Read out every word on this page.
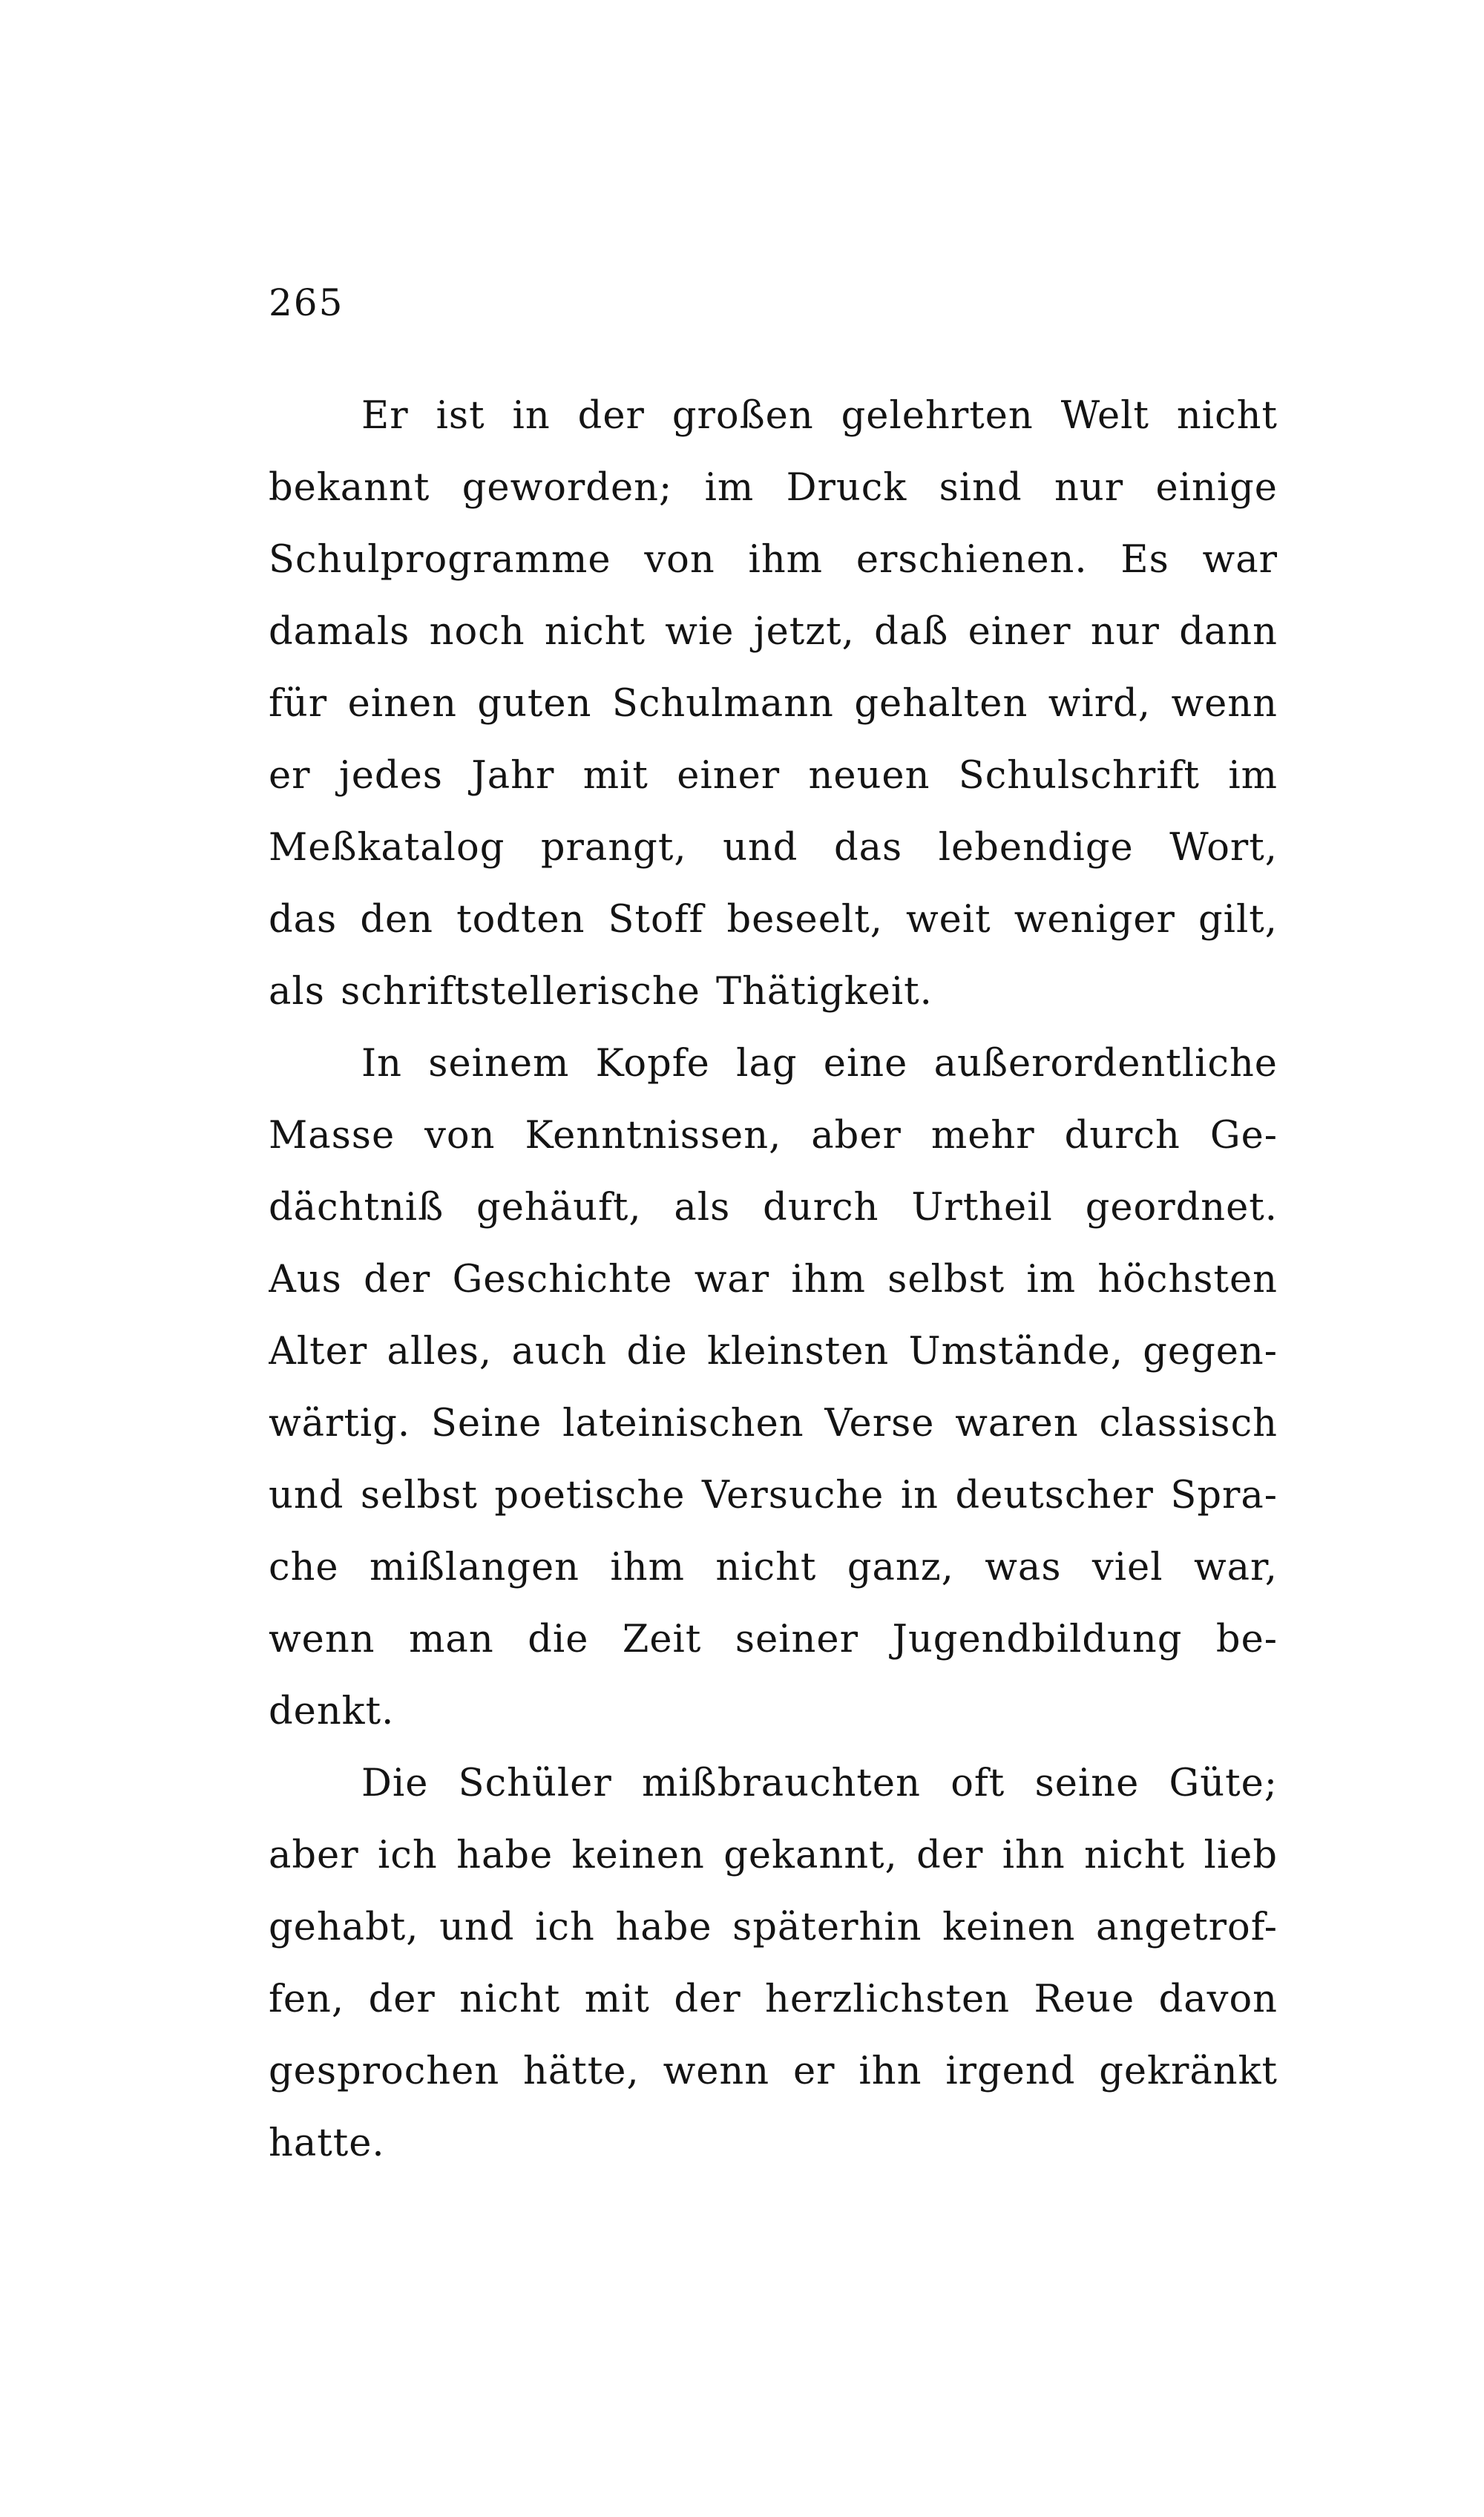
265
Er ist in der großen gelehrten Welt nicht
bekannt geworden; im Druck sind nur einige
Schulprogramme von ihm erschienen. Es war
damals noch nicht wie jetzt, daß einer nur dann
für einen guten Schulmann gehalten wird, wenn
er jedes Jahr mit einer neuen Schulschrift im
Meßkatalog prangt, und das lebendige Wort,
das den todten Stoff beseelt, weit weniger gilt,
als schriftstellerische Thätigkeit.
In seinem Kopfe lag eine außerordentliche
Masse von Kenntnissen, aber mehr durch Ge-
dächtniß gehäuft, als durch Urtheil geordnet.
Aus der Geschichte war ihm selbst im höchsten
Alter alles, auch die kleinsten Umstände, gegen-
wärtig. Seine lateinischen Verse waren classisch
und selbst poetische Versuche in deutscher Spra-
che mißlangen ihm nicht ganz, was viel war,
wenn man die Zeit seiner Jugendbildung be-
denkt.
Die Schüler mißbrauchten oft seine Güte;
aber ich habe keinen gekannt, der ihn nicht lieb
gehabt, und ich habe späterhin keinen angetrof-
fen, der nicht mit der herzlichsten Reue davon
gesprochen hätte, wenn er ihn irgend gekränkt
hatte.
